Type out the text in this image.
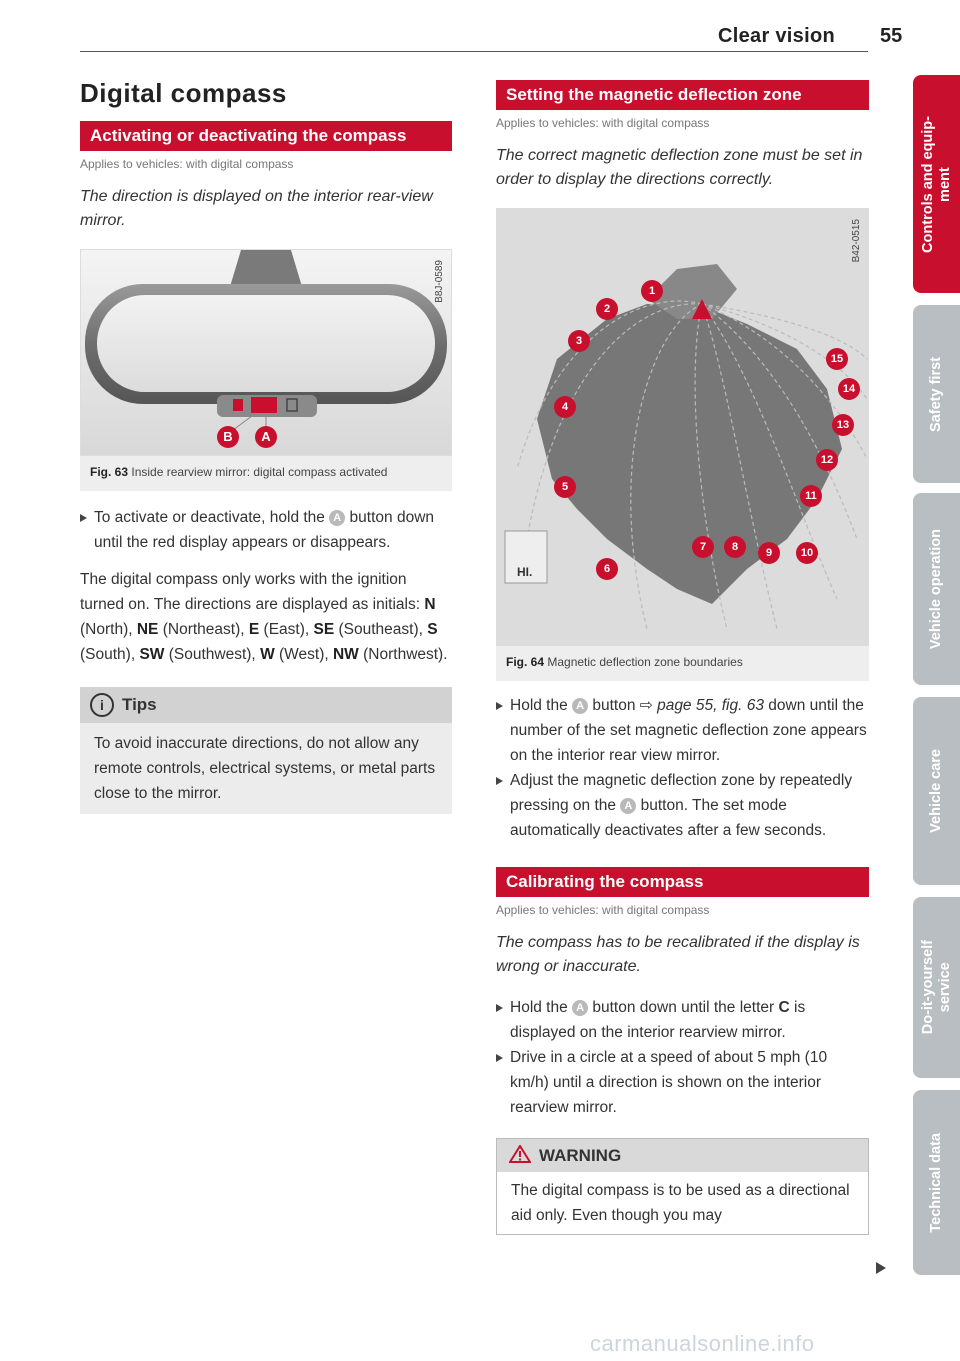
Clear vision 55
Digital compass
Activating or deactivating the compass
Applies to vehicles: with digital compass
The direction is displayed on the interior rear-view mirror.
B8J-0589
B	A
Fig. 63 Inside rearview mirror: digital compass activated

To activate or deactivate, hold the A button down until the red display appears or disappears.

The digital compass only works with the ignition turned on. The directions are displayed as initials: N (North), NE (Northeast), E (East), SE (Southeast), S (South), SW (Southwest), W (West), NW (Northwest).

i Tips
To avoid inaccurate directions, do not allow any remote controls, electrical systems, or metal parts close to the mirror.
Setting the magnetic deflection zone
Applies to vehicles: with digital compass
The correct magnetic deflection zone must be set in order to display the directions correctly.
B42-0515
HI.
1
2
3
4
5
6
7	8	9	10
11
12
13
14
15
Fig. 64 Magnetic deflection zone boundaries

Hold the A button ⇨ page 55, fig. 63 down until the number of the set magnetic deflection zone appears on the interior rear view mirror.

Adjust the magnetic deflection zone by repeatedly pressing on the A button. The set mode automatically deactivates after a few seconds.

Calibrating the compass
Applies to vehicles: with digital compass
The compass has to be recalibrated if the display is wrong or inaccurate.

Hold the A button down until the letter C is displayed on the interior rearview mirror.

Drive in a circle at a speed of about 5 mph (10 km/h) until a direction is shown on the interior rearview mirror.

WARNING
The digital compass is to be used as a directional aid only. Even though you may
Controls and equip-
ment
Safety first
Vehicle operation
Vehicle care
Do-it-yourself
service
Technical data
carmanualsonline.info
